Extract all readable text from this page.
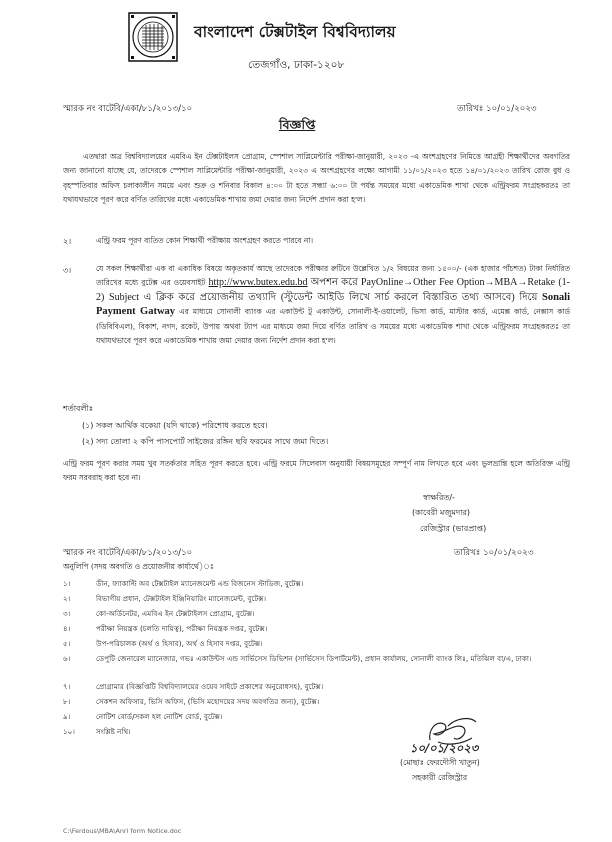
বাংলাদেশ টেক্সটাইল বিশ্ববিদ্যালয়
তেজগাঁও, ঢাকা-১২০৮
স্মারক নং বাটেবি/একা/৮১/২০১৩/১০	তারিখঃ ১০/০১/২০২৩
বিজ্ঞপ্তি
এতদ্বারা অত্র বিশ্ববিদ্যালয়ের এমবিএ ইন টেক্সটাইলস প্রোগ্রাম, স্পেশাল সাপ্লিমেন্টারি পরীক্ষা-জানুয়ারী, ২০২৩ -এ অংশগ্রহণের নিমিত্তে আগ্রহী শিক্ষার্থীদের অবগতির জন্য জানানো যাচ্ছে যে, তাদেরকে স্পেশাল সাপ্লিমেন্টারি পরীক্ষা-জানুয়ারী, ২০২৩ এ অংশগ্রহণের লক্ষ্যে আগামী ১১/০১/২০২৩ হতে ১৪/০১/২০২৩ তারিখ রোজ বুধ ও বৃহস্পতিবার অফিস চলাকালীন সময়ে এবং শুক্র ও শনিবার বিকাল ৪:০০ টা হতে সন্ধ্যা ৬:০০ টা পর্যন্ত সময়ের মধ্যে একাডেমিক শাখা থেকে এন্ট্রিফরম সংগ্রহকরতঃ তা যথাযথভাবে পূরণ করে বর্ণিত তারিখের মধ্যে একাডেমিক শাখায় জমা দেয়ার জন্য নির্দেশ প্রদান করা হ'ল।
২।	এন্ট্রি ফরম পূরণ ব্যতিত কোন শিক্ষার্থী পরীক্ষায় অংশগ্রহণ করতে পারবে না।
৩।	যে সকল শিক্ষার্থীরা এক বা একাধিক বিষয়ে অকৃতকার্য আছে তাদেরকে পরীক্ষার রুটিনে উল্লেখিত ১/২ বিষয়ের জন্য ১৫০০/- (এক হাজার পাঁচশত) টাকা নির্ধারিত তারিখের মধ্যে বুটেক্স এর ওয়েবসাইট http://www.butex.edu.bd অপশন করে PayOnline→Other Fee Option→MBA→Retake (1-2) Subject এ ক্লিক করে প্রয়োজনীয় তথ্যাদি (স্টুডেন্ট আইডি লিখে সার্চ করলে বিস্তারিত তথ্য আসবে) দিয়ে Sonali Payment Gatway এর মাধ্যমে সোনালী ব্যাংক এর একাউন্ট টু একাউন্ট, সোনালী-ই-ওয়ালেট, ভিসা কার্ড, মাস্টার কার্ড, এমেক্স কার্ড, নেক্সাস কার্ড (ডিবিবিএল), বিকাশ, নগদ, রকেট, উপায় অথবা ট্যাপ এর মাধ্যমে জমা দিয়ে বর্ণিত তারিখ ও সময়ের মধ্যে একাডেমিক শাখা থেকে এন্ট্রিফরম সংগ্রহকরতঃ তা যথাযথভাবে পূরণ করে একাডেমিক শাখায় জমা দেয়ার জন্য নির্দেশ প্রদান করা হ'ল।
শর্তাবলীঃ
(১) সকল আর্থিক বকেয়া (যদি থাকে) পরিশোধ করতে হবে।
(২) সদ্য তোলা ২ কপি পাসপোর্ট সাইজের রঙ্গিন ছবি ফরমের সাথে জমা দিতে।
এন্ট্রি ফরম পূরণ করার সময় খুব সতর্কতার সহিত পূরণ করতে হবে। এন্ট্রি ফরমে সিলেবাস অনুযায়ী বিষয়সমূহের সম্পূর্ণ নাম লিখতে হবে এবং ভুলভ্রান্তি হলে অতিরিক্ত এন্ট্রি ফরম সরবরাহ করা হবে না।
স্বাক্ষরিত/-
(কাবেরী মজুমদার)
রেজিস্ট্রার (ভারপ্রাপ্ত)
স্মারক নং বাটেবি/একা/৮১/২০১৩/১০	তারিখঃ ১০/০১/২০২৩
অনুলিপি (সদয় অবগতি ও প্রয়োজনীয় কার্যার্থে)ঃ
১।	ডীন, ফ্যাকাল্টি অব টেক্সটাইল ম্যানেজমেন্ট এন্ড বিজনেস স্টাডিজ, বুটেক্স।
২।	বিভাগীয় প্রধান, টেক্সটাইল ইঞ্জিনিয়ারিং ম্যানেজমেন্ট, বুটেক্স।
৩।	কো-অর্ডিনেটর, এমবিএ ইন টেক্সটাইলস প্রোগ্রাম, বুটেক্স।
৪।	পরীক্ষা নিয়ন্ত্রক (চলতি দায়িত্ব), পরীক্ষা নিয়ন্ত্রক দপ্তর, বুটেক্স।
৫।	উপ-পরিচালক (অর্থ ও হিসাব), অর্থ ও হিসাব দপ্তর, বুটেক্স।
৬।	ডেপুটি জেনারেল ম্যানেজার, গভঃ একাউন্টস এন্ড সার্ভিসেস ডিভিশন (সার্ভিসেস ডিপার্টমেন্ট), প্রধান কার্যালয়, সোনালী ব্যাংক লিঃ, মতিঝিল বা/এ, ঢাকা।
৭।	প্রোগ্রামার (বিজ্ঞপ্তিটি বিশ্ববিদ্যালয়ের ওয়েব সাইটে প্রকাশের অনুরোধসহ), বুটেক্স।
৮।	সেকশন অফিসার, ভিসি অফিস, (ভিসি মহোদয়ের সদয় অবগতির জন্য), বুটেক্স।
৯।	নোটিশ বোর্ড/সকল হল নোটিশ বোর্ড, বুটেক্স।
১০।	সংশ্লিষ্ট নথি।
১০/০১/২০২৩
(মোছাঃ ফেরদৌসী খাতুন)
সহকারী রেজিস্ট্রার
C:\Ferdous\MBA\Anri form Notice.doc
